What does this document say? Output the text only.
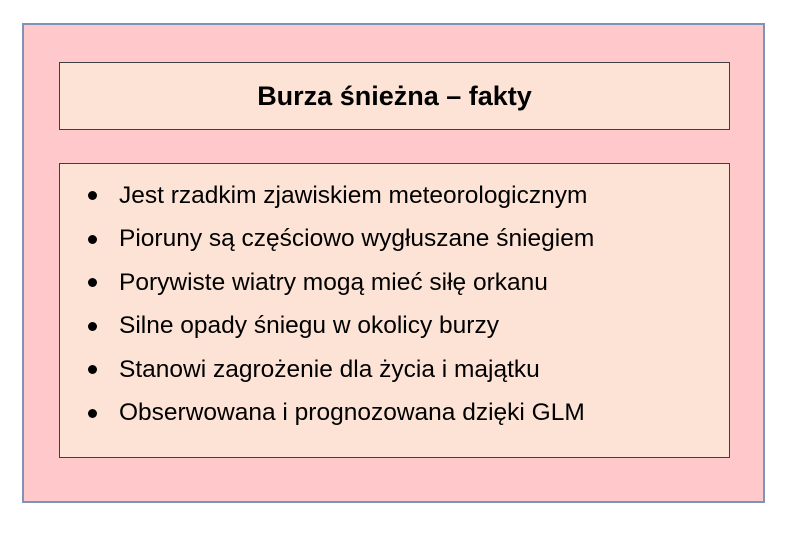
Burza śnieżna – fakty
Jest rzadkim zjawiskiem meteorologicznym
Pioruny są częściowo wygłuszane śniegiem
Porywiste wiatry mogą mieć siłę orkanu
Silne opady śniegu w okolicy burzy
Stanowi zagrożenie dla życia i majątku
Obserwowana i prognozowana dzięki GLM
